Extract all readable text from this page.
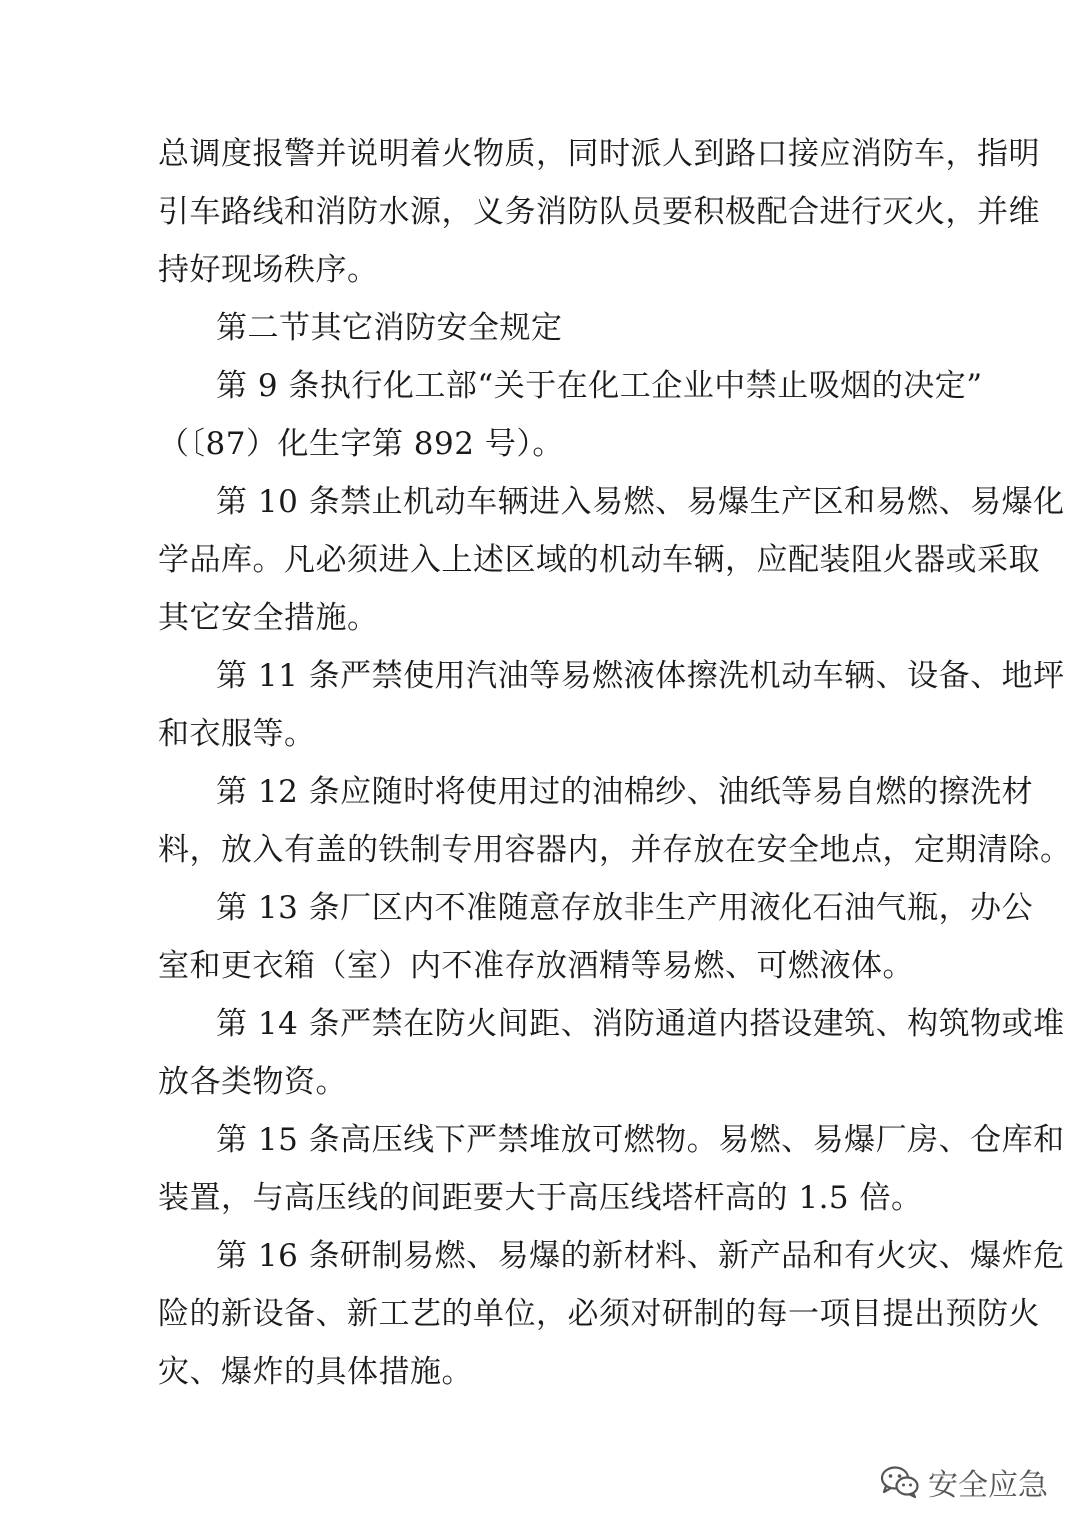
总调度报警并说明着火物质，同时派人到路口接应消防车，指明
引车路线和消防水源，义务消防队员要积极配合进行灭火，并维
持好现场秩序。
第二节其它消防安全规定
第 9 条执行化工部“关于在化工企业中禁止吸烟的决定”
（〔87）化生字第 892 号）。
第 10 条禁止机动车辆进入易燃、易爆生产区和易燃、易爆化
学品库。凡必须进入上述区域的机动车辆，应配装阻火器或采取
其它安全措施。
第 11 条严禁使用汽油等易燃液体擦洗机动车辆、设备、地坪
和衣服等。
第 12 条应随时将使用过的油棉纱、油纸等易自燃的擦洗材
料，放入有盖的铁制专用容器内，并存放在安全地点，定期清除。
第 13 条厂区内不准随意存放非生产用液化石油气瓶，办公
室和更衣箱（室）内不准存放酒精等易燃、可燃液体。
第 14 条严禁在防火间距、消防通道内搭设建筑、构筑物或堆
放各类物资。
第 15 条高压线下严禁堆放可燃物。易燃、易爆厂房、仓库和
装置，与高压线的间距要大于高压线塔杆高的 1.5 倍。
第 16 条研制易燃、易爆的新材料、新产品和有火灾、爆炸危
险的新设备、新工艺的单位，必须对研制的每一项目提出预防火
灾、爆炸的具体措施。
安全应急
